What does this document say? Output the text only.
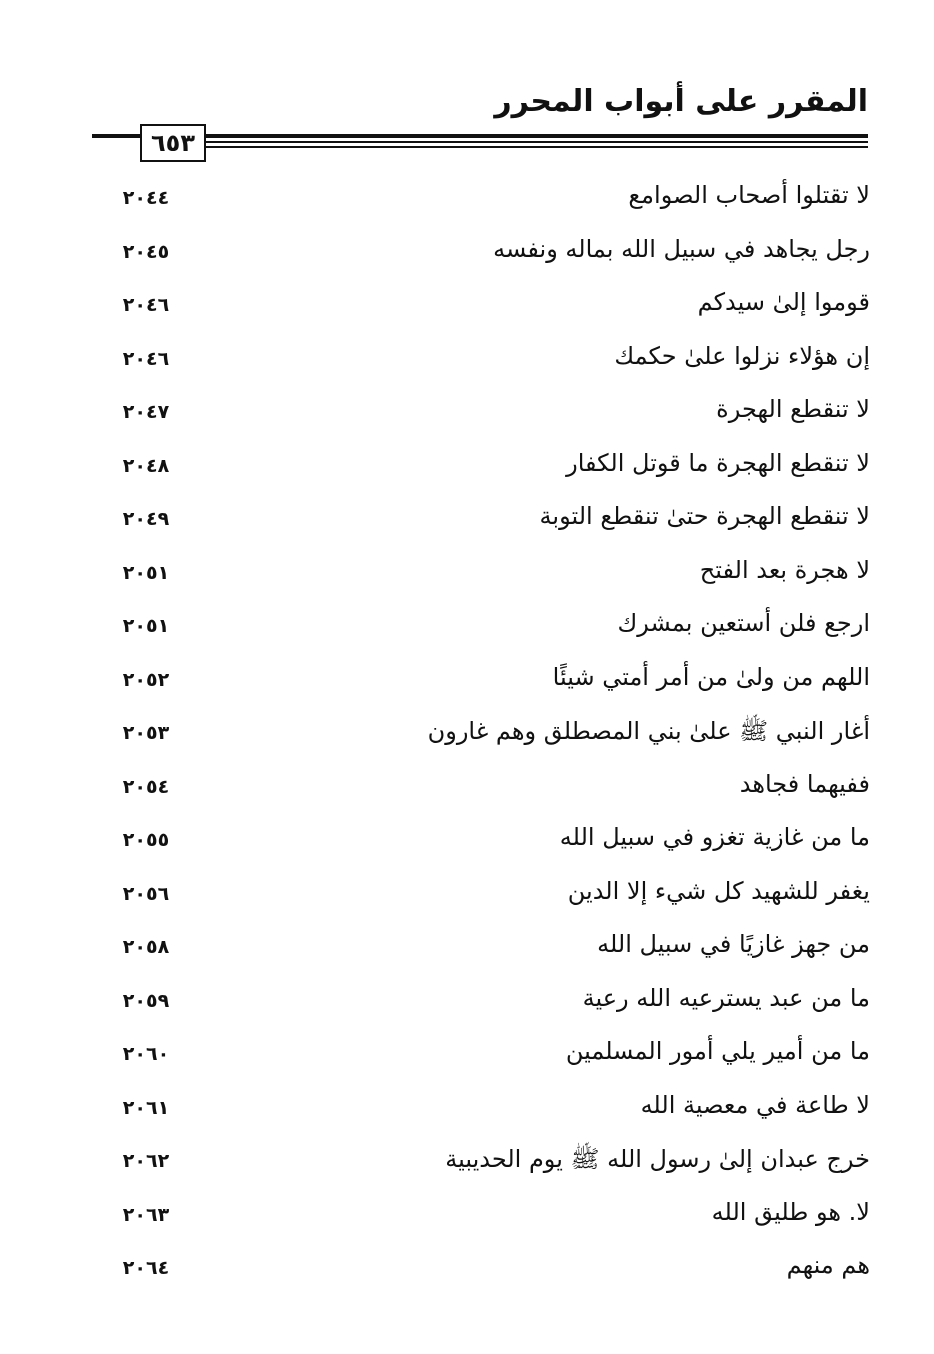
المقرر على أبواب المحرر
٦٥٣
لا تقتلوا أصحاب الصوامع
٢٠٤٤
رجل يجاهد في سبيل الله بماله ونفسه
٢٠٤٥
قوموا إلىٰ سيدكم
٢٠٤٦
إن هؤلاء نزلوا علىٰ حكمك
٢٠٤٦
لا تنقطع الهجرة
٢٠٤٧
لا تنقطع الهجرة ما قوتل الكفار
٢٠٤٨
لا تنقطع الهجرة حتىٰ تنقطع التوبة
٢٠٤٩
لا هجرة بعد الفتح
٢٠٥١
ارجع فلن أستعين بمشرك
٢٠٥١
اللهم من ولىٰ من أمر أمتي شيئًا
٢٠٥٢
أغار النبي ﷺ علىٰ بني المصطلق وهم غارون
٢٠٥٣
ففيهما فجاهد
٢٠٥٤
ما من غازية تغزو في سبيل الله
٢٠٥٥
يغفر للشهيد كل شيء إلا الدين
٢٠٥٦
من جهز غازيًا في سبيل الله
٢٠٥٨
ما من عبد يسترعيه الله رعية
٢٠٥٩
ما من أمير يلي أمور المسلمين
٢٠٦٠
لا طاعة في معصية الله
٢٠٦١
خرج عبدان إلىٰ رسول الله ﷺ يوم الحديبية
٢٠٦٢
لا. هو طليق الله
٢٠٦٣
هم منهم
٢٠٦٤
